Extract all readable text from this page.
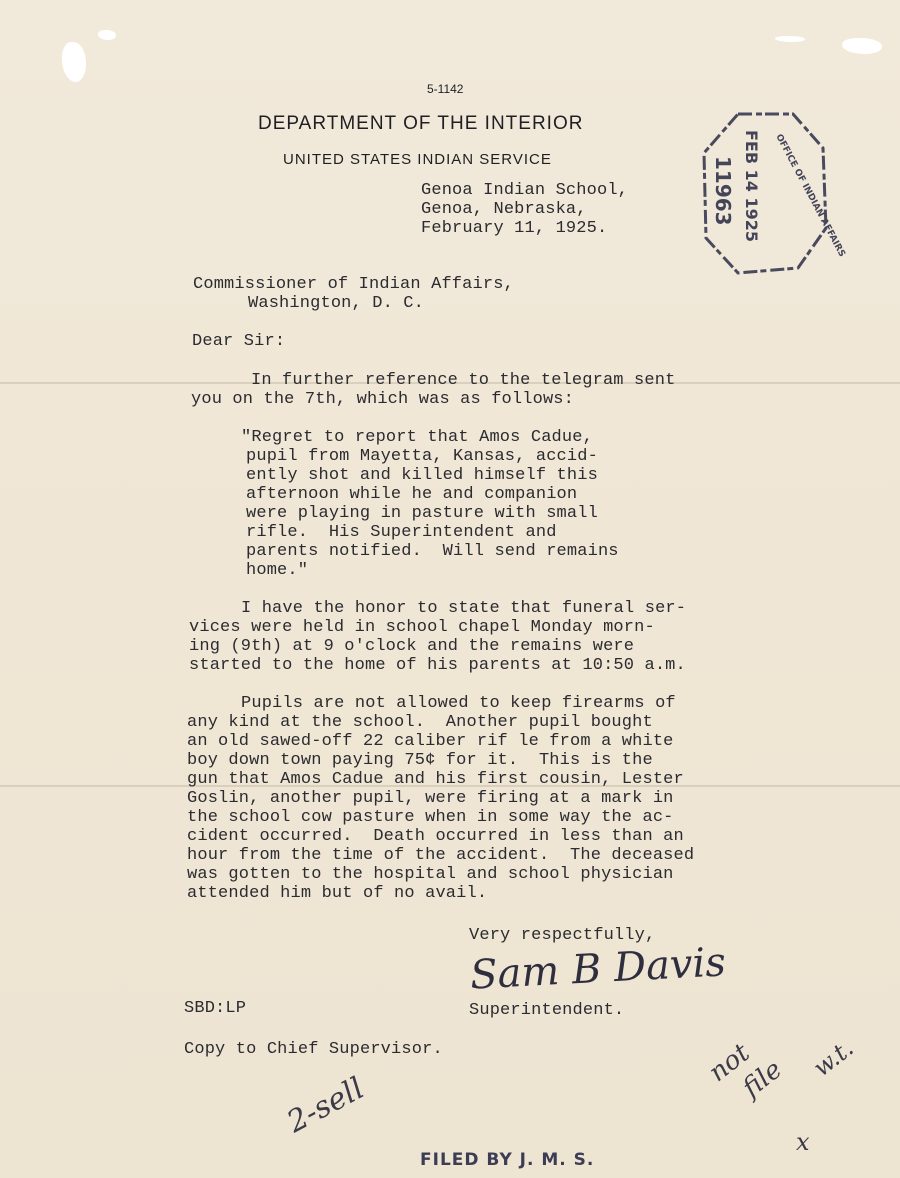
5-1142
DEPARTMENT OF THE INTERIOR
UNITED STATES INDIAN SERVICE
Genoa Indian School,
Genoa, Nebraska,
February 11, 1925.	FEB 14 1925
11963	OFFICE OF INDIAN AFFAIRS
Commissioner of Indian Affairs,
Washington, D. C.
Dear Sir:
In further reference to the telegram sent
you on the 7th, which was as follows:
"Regret to report that Amos Cadue,
pupil from Mayetta, Kansas, accid-
ently shot and killed himself this
afternoon while he and companion
were playing in pasture with small
rifle.  His Superintendent and
parents notified.  Will send remains
home."
I have the honor to state that funeral ser-
vices were held in school chapel Monday morn-
ing (9th) at 9 o'clock and the remains were
started to the home of his parents at 10:50 a.m.
Pupils are not allowed to keep firearms of
any kind at the school.  Another pupil bought
an old sawed-off 22 caliber rif le from a white
boy down town paying 75¢ for it.  This is the
gun that Amos Cadue and his first cousin, Lester
Goslin, another pupil, were firing at a mark in
the school cow pasture when in some way the ac-
cident occurred.  Death occurred in less than an
hour from the time of the accident.  The deceased
was gotten to the hospital and school physician
attended him but of no avail.
Very respectfully,
Sam B Davis
Superintendent.
SBD:LP
Copy to Chief Supervisor.
2-sell
not
file w.t.
x
FILED BY J. M. S.
